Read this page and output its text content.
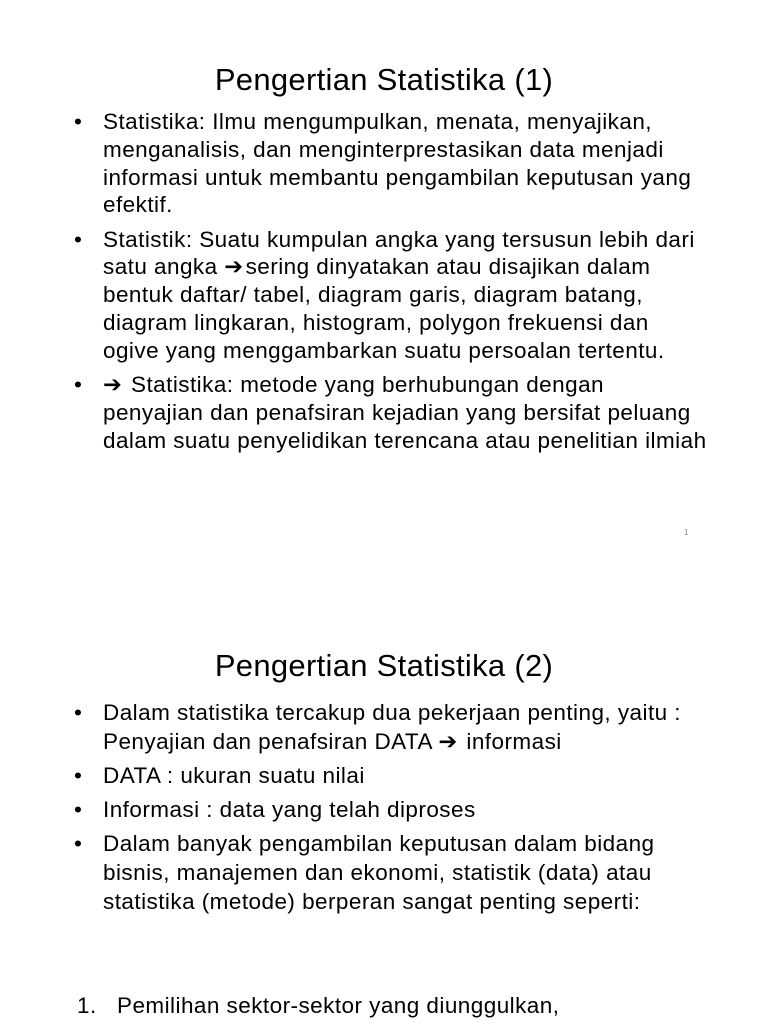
Pengertian Statistika (1)
• Statistika: Ilmu mengumpulkan, menata, menyajikan, menganalisis, dan menginterprestasikan data menjadi informasi untuk membantu pengambilan keputusan yang efektif.
• Statistik: Suatu kumpulan angka yang tersusun lebih dari satu angka ➔sering dinyatakan atau disajikan dalam bentuk daftar/ tabel, diagram garis, diagram batang, diagram lingkaran, histogram, polygon frekuensi dan ogive yang menggambarkan suatu persoalan tertentu.
• ➔ Statistika: metode yang berhubungan dengan penyajian dan penafsiran kejadian yang bersifat peluang dalam suatu penyelidikan terencana atau penelitian ilmiah
1
Pengertian Statistika (2)
• Dalam statistika tercakup dua pekerjaan penting, yaitu : Penyajian dan penafsiran DATA ➔ informasi
• DATA : ukuran suatu nilai
• Informasi : data yang telah diproses
• Dalam banyak pengambilan keputusan dalam bidang bisnis, manajemen dan ekonomi, statistik (data) atau statistika (metode) berperan sangat penting seperti:
1. Pemilihan sektor-sektor yang diunggulkan,
